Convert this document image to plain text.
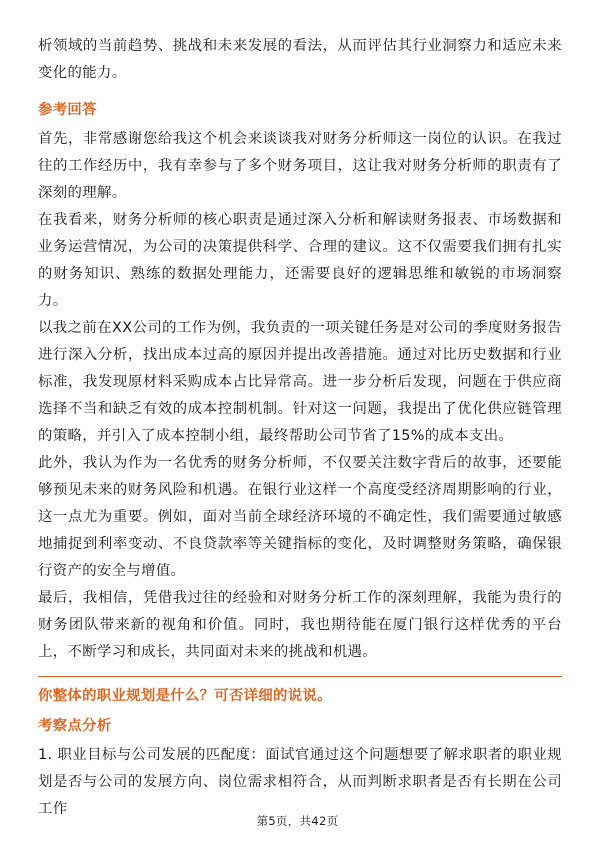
析领域的当前趋势、挑战和未来发展的看法，从而评估其行业洞察力和适应未来变化的能力。

参考回答

首先，非常感谢您给我这个机会来谈谈我对财务分析师这一岗位的认识。在我过往的工作经历中，我有幸参与了多个财务项目，这让我对财务分析师的职责有了深刻的理解。

在我看来，财务分析师的核心职责是通过深入分析和解读财务报表、市场数据和业务运营情况，为公司的决策提供科学、合理的建议。这不仅需要我们拥有扎实的财务知识、熟练的数据处理能力，还需要良好的逻辑思维和敏锐的市场洞察力。

以我之前在XX公司的工作为例，我负责的一项关键任务是对公司的季度财务报告进行深入分析，找出成本过高的原因并提出改善措施。通过对比历史数据和行业标准，我发现原材料采购成本占比异常高。进一步分析后发现，问题在于供应商选择不当和缺乏有效的成本控制机制。针对这一问题，我提出了优化供应链管理的策略，并引入了成本控制小组，最终帮助公司节省了15%的成本支出。

此外，我认为作为一名优秀的财务分析师，不仅要关注数字背后的故事，还要能够预见未来的财务风险和机遇。在银行业这样一个高度受经济周期影响的行业，这一点尤为重要。例如，面对当前全球经济环境的不确定性，我们需要通过敏感地捕捉到利率变动、不良贷款率等关键指标的变化，及时调整财务策略，确保银行资产的安全与增值。

最后，我相信，凭借我过往的经验和对财务分析工作的深刻理解，我能为贵行的财务团队带来新的视角和价值。同时，我也期待能在厦门银行这样优秀的平台上，不断学习和成长，共同面对未来的挑战和机遇。

你整体的职业规划是什么？可否详细的说说。
考察点分析

1. 职业目标与公司发展的匹配度：面试官通过这个问题想要了解求职者的职业规划是否与公司的发展方向、岗位需求相符合，从而判断求职者是否有长期在公司工作

第5页，共42页
